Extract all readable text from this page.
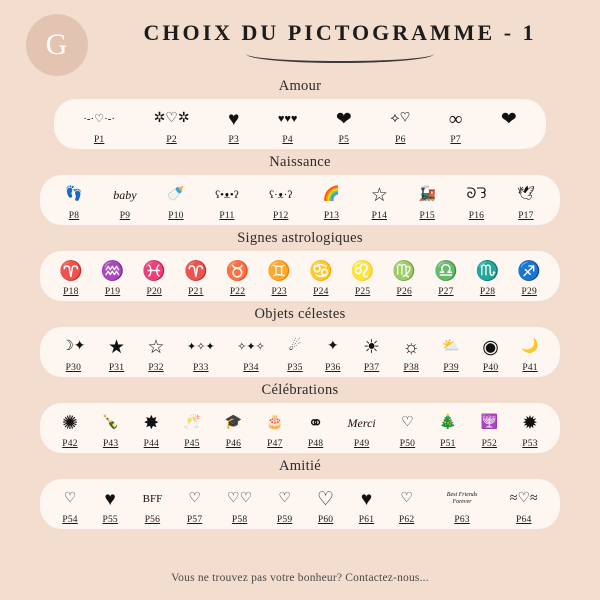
G	CHOIX DU PICTOGRAMME - 1
Amour
·-·♡·-·
P1
✲♡✲
P2
♥
P3
♥♥♥
P4
❤
P5
⟡♡
P6
∞
P7
❤
Naissance
👣
P8
baby
P9
🍼
P10
ʕ•ᴥ•ʔ
P11
ʕ·ᴥ·ʔ
P12
🌈
P13
☆
P14
🚂
P15
ᘐᘊ
P16
🕊
P17
Signes astrologiques
♈
P18
♒
P19
♓
P20
♈
P21
♉
P22
♊
P23
♋
P24
♌
P25
♍
P26
♎
P27
♏
P28
♐
P29
Objets célestes
☽✦
P30
★
P31
☆
P32
✦✧✦
P33
✧✦✧
P34
☄
P35
✦
P36
☀
P37
☼
P38
⛅
P39
◉
P40
🌙
P41
Célébrations
✺
P42
🍾
P43
✸
P44
🥂
P45
🎓
P46
🎂
P47
⚭
P48
Merci
P49
♡
P50
🎄
P51
🕎
P52
✹
P53
Amitié
♡
P54
♥
P55
BFF
P56
♡
P57
♡♡
P58
♡
P59
♡
P60
♥
P61
♡
P62
Best Friends Forever
P63
≈♡≈
P64
Vous ne trouvez pas votre bonheur? Contactez-nous...
